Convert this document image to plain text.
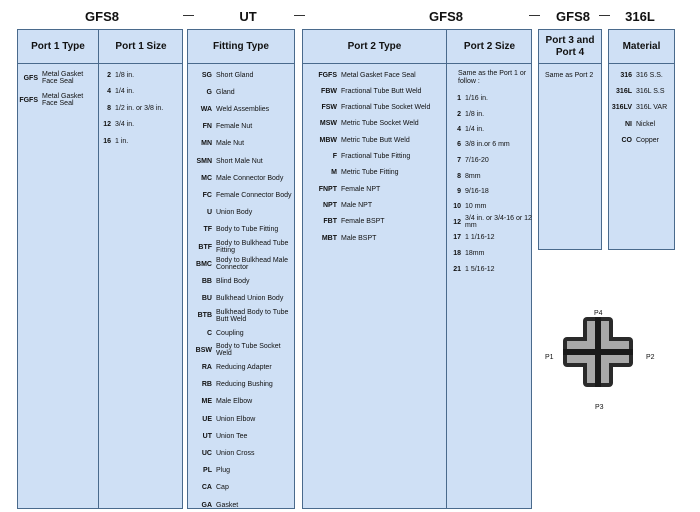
GFS8	UT	GFS8	GFS8	316L
Port 1 Type
GFS Metal Gasket Face Seal
FGFS Metal Gasket Face Seal
Port 1 Size
2 1/8 in.
4 1/4 in.
8 1/2 in. or 3/8 in.
12 3/4 in.
16 1 in.
Fitting Type
SG Short Gland
G Gland
WA Weld Assemblies
FN Female Nut
MN Male Nut
SMN Short Male Nut
MC Male Connector Body
FC Female Connector Body
U Union Body
TF Body to Tube Fitting
BTF Body to Bulkhead Tube Fitting
BMC Body to Bulkhead Male Connector
BB Blind Body
BU Bulkhead Union Body
BTB Bulkhead Body to Tube Butt Weld
C Coupling
BSW Body to Tube Socket Weld
RA Reducing Adapter
RB Reducing Bushing
ME Male Elbow
UE Union Elbow
UT Union Tee
UC Union Cross
PL Plug
CA Cap
GA Gasket
Port 2 Type
FGFS Metal Gasket Face Seal
FBW Fractional Tube Butt Weld
FSW Fractional Tube Socket Weld
MSW Metric Tube Socket Weld
MBW Metric Tube Butt Weld
F Fractional Tube Fitting
M Metric Tube Fitting
FNPT Female NPT
NPT Male NPT
FBT Female BSPT
MBT Male BSPT
Port 2 Size
Same as the Port 1 or follow :
1 1/16 in.
2 1/8 in.
4 1/4 in.
6 3/8 in.or 6 mm
7 7/16-20
8 8mm
9 9/16-18
10 10 mm
12 3/4 in. or 3/4-16 or 12 mm
17 1 1/16-12
18 18mm
21 1 5/16-12
Port 3 and Port 4
Same as Port 2
Material
316 316 S.S.
316L 316L S.S
316LV 316L VAR
NI Nickel
CO Copper
P4
P1	P2
P3
